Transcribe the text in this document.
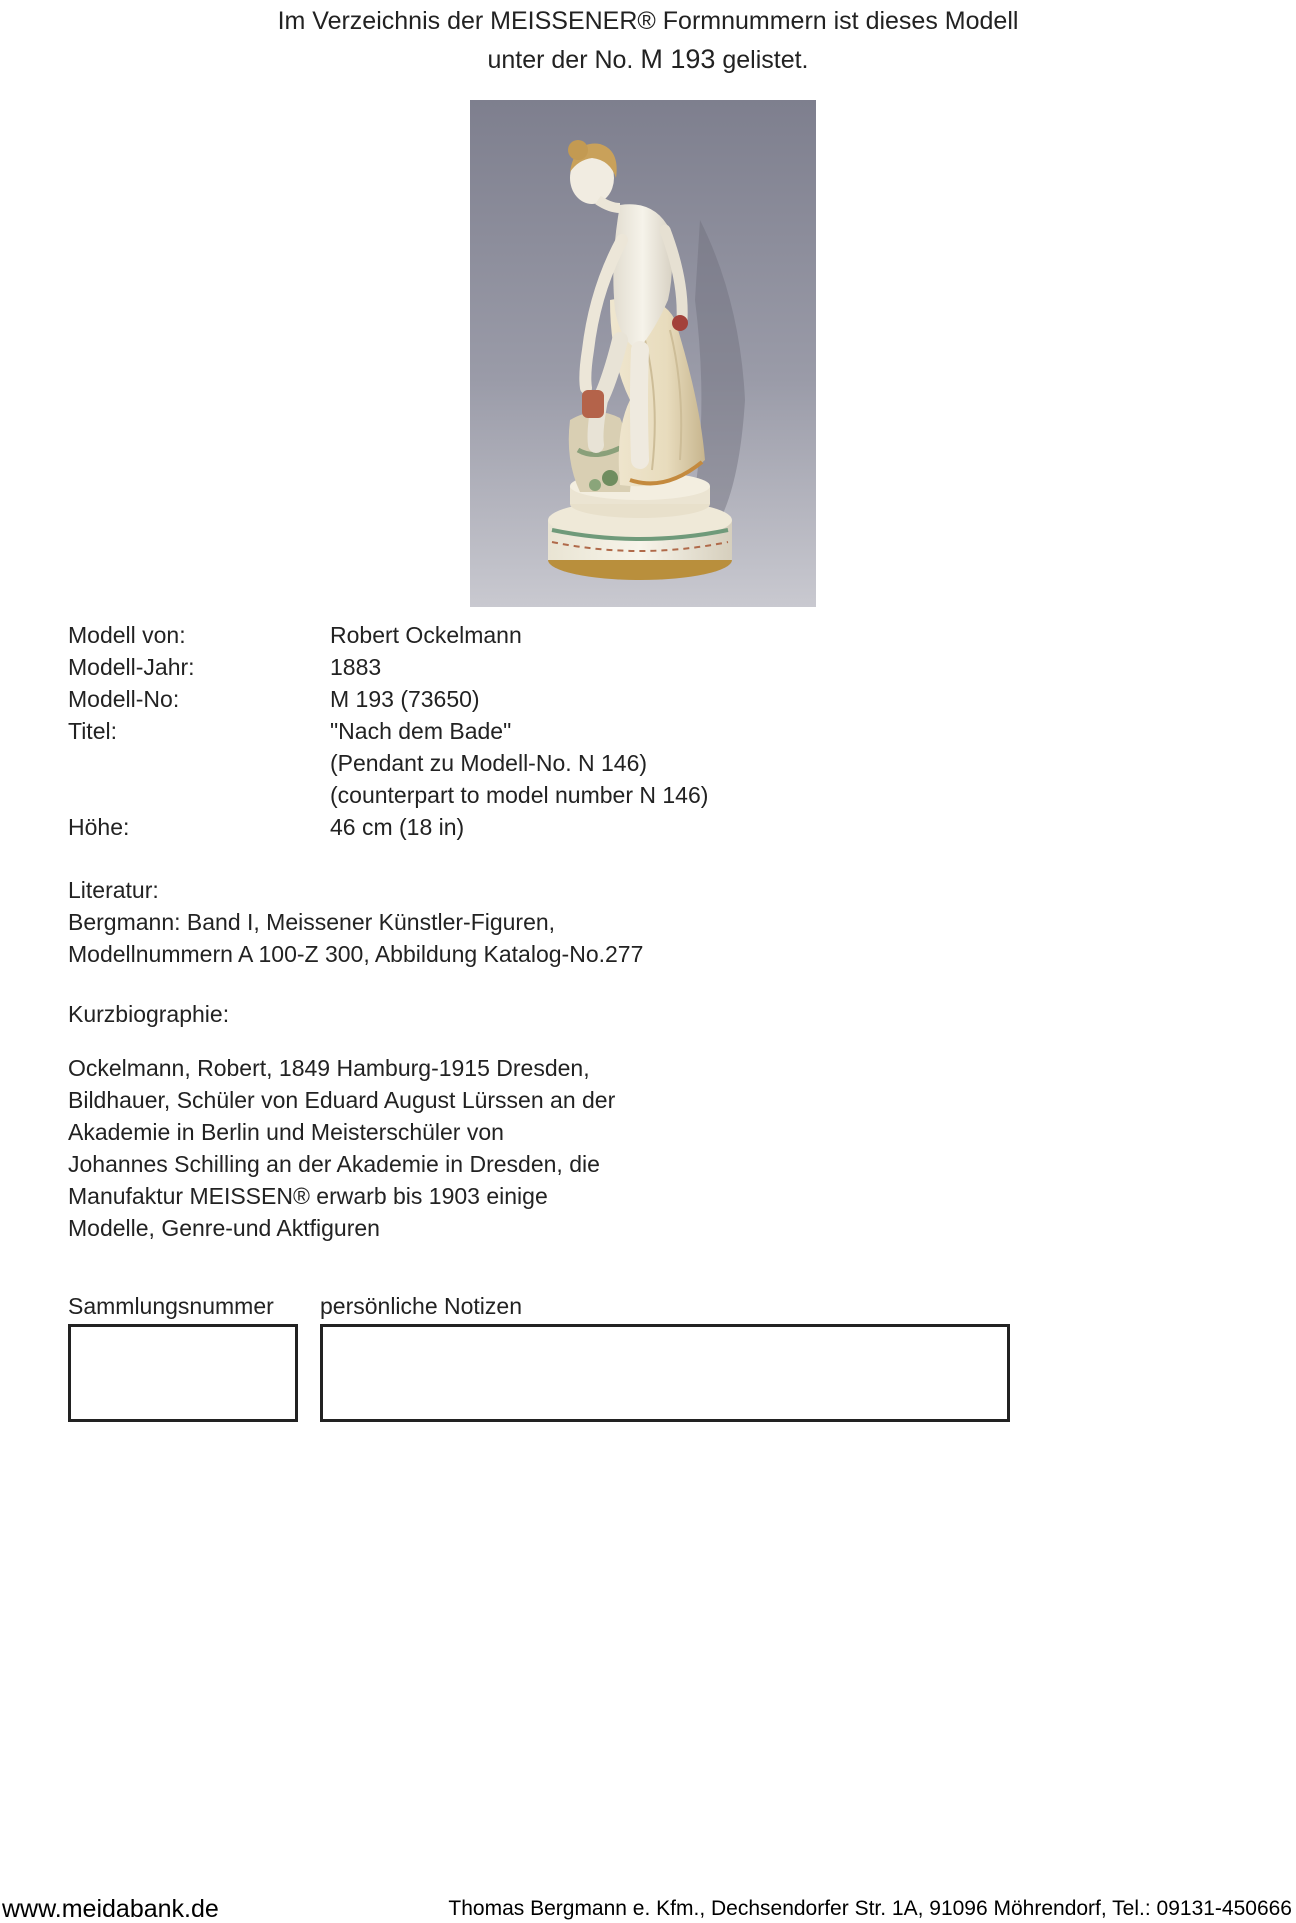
Im Verzeichnis der MEISSENER® Formnummern ist dieses Modell
unter der No. M 193 gelistet.
Modell von:	Robert Ockelmann
Modell-Jahr:	1883
Modell-No:	M 193 (73650)
Titel:	"Nach dem Bade"
(Pendant zu Modell-No. N 146)
(counterpart to model number N 146)
Höhe:	46 cm (18 in)
Literatur:
Bergmann: Band I, Meissener Künstler-Figuren,
Modellnummern A 100-Z 300, Abbildung Katalog-No.277
Kurzbiographie:
Ockelmann, Robert, 1849 Hamburg-1915 Dresden,
Bildhauer, Schüler von Eduard August Lürssen an der
Akademie in Berlin und Meisterschüler von
Johannes Schilling an der Akademie in Dresden, die
Manufaktur MEISSEN® erwarb bis 1903 einige
Modelle, Genre-und Aktfiguren
Sammlungsnummer persönliche Notizen
www.meidabank.de	Thomas Bergmann e. Kfm., Dechsendorfer Str. 1A, 91096 Möhrendorf, Tel.: 09131-450666
